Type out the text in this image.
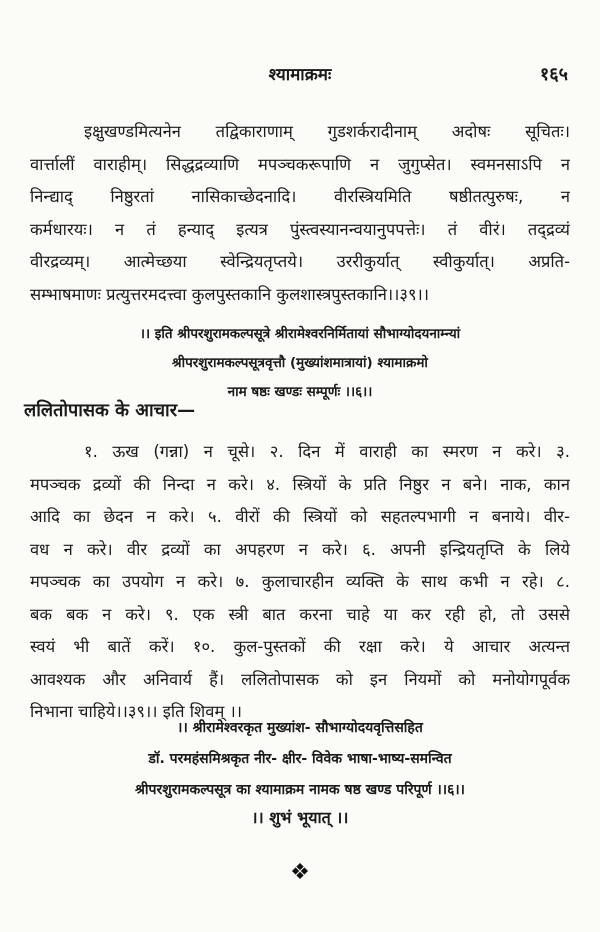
श्यामाक्रमः	१६५
इक्षुखण्डमित्यनेन तद्विकाराणाम् गुडशर्करादीनाम् अदोषः सूचितः।
वार्त्तालीं वाराहीम्। सिद्धद्रव्याणि मपञ्चकरूपाणि न जुगुप्सेत। स्वमनसाऽपि न
निन्द्याद् निष्ठुरतां नासिकाच्छेदनादि। वीरस्त्रियमिति षष्ठीतत्पुरुषः, न
कर्मधारयः। न तं हन्याद् इत्यत्र पुंस्त्वस्यानन्वयानुपपत्तेः। तं वीरं। तद्द्रव्यं
वीरद्रव्यम्। आत्मेच्छया स्वेन्द्रियतृप्तये। उररीकुर्यात् स्वीकुर्यात्। अप्रति-
सम्भाषमाणः प्रत्युत्तरमदत्त्वा कुलपुस्तकानि कुलशास्त्रपुस्तकानि।।३९।।
।। इति श्रीपरशुरामकल्पसूत्रे श्रीरामेश्वरनिर्मितायां सौभाग्योदयनाम्न्यां
श्रीपरशुरामकल्पसूत्रवृत्तौ (मुख्यांशमात्रायां) श्यामाक्रमो
नाम षष्ठः खण्डः सम्पूर्णः ।।६।।
ललितोपासक के आचार—
१. ऊख (गन्ना) न चूसे। २. दिन में वाराही का स्मरण न करे। ३.
मपञ्चक द्रव्यों की निन्दा न करे। ४. स्त्रियों के प्रति निष्ठुर न बने। नाक, कान
आदि का छेदन न करे। ५. वीरों की स्त्रियों को सहतल्पभागी न बनाये। वीर-
वध न करे। वीर द्रव्यों का अपहरण न करे। ६. अपनी इन्द्रियतृप्ति के लिये
मपञ्चक का उपयोग न करे। ७. कुलाचारहीन व्यक्ति के साथ कभी न रहे। ८.
बक बक न करे। ९. एक स्त्री बात करना चाहे या कर रही हो, तो उससे
स्वयं भी बातें करें। १०. कुल-पुस्तकों की रक्षा करे। ये आचार अत्यन्त
आवश्यक और अनिवार्य हैं। ललितोपासक को इन नियमों को मनोयोगपूर्वक
निभाना चाहिये।।३९।। इति शिवम् ।।
।। श्रीरामेश्वरकृत मुख्यांश- सौभाग्योदयवृत्तिसहित
डॉ. परमहंसमिश्रकृत नीर- क्षीर- विवेक भाषा-भाष्य-समन्वित
श्रीपरशुरामकल्पसूत्र का श्यामाक्रम नामक षष्ठ खण्ड परिपूर्ण ।।६।।
।। शुभं भूयात् ।।
❖
